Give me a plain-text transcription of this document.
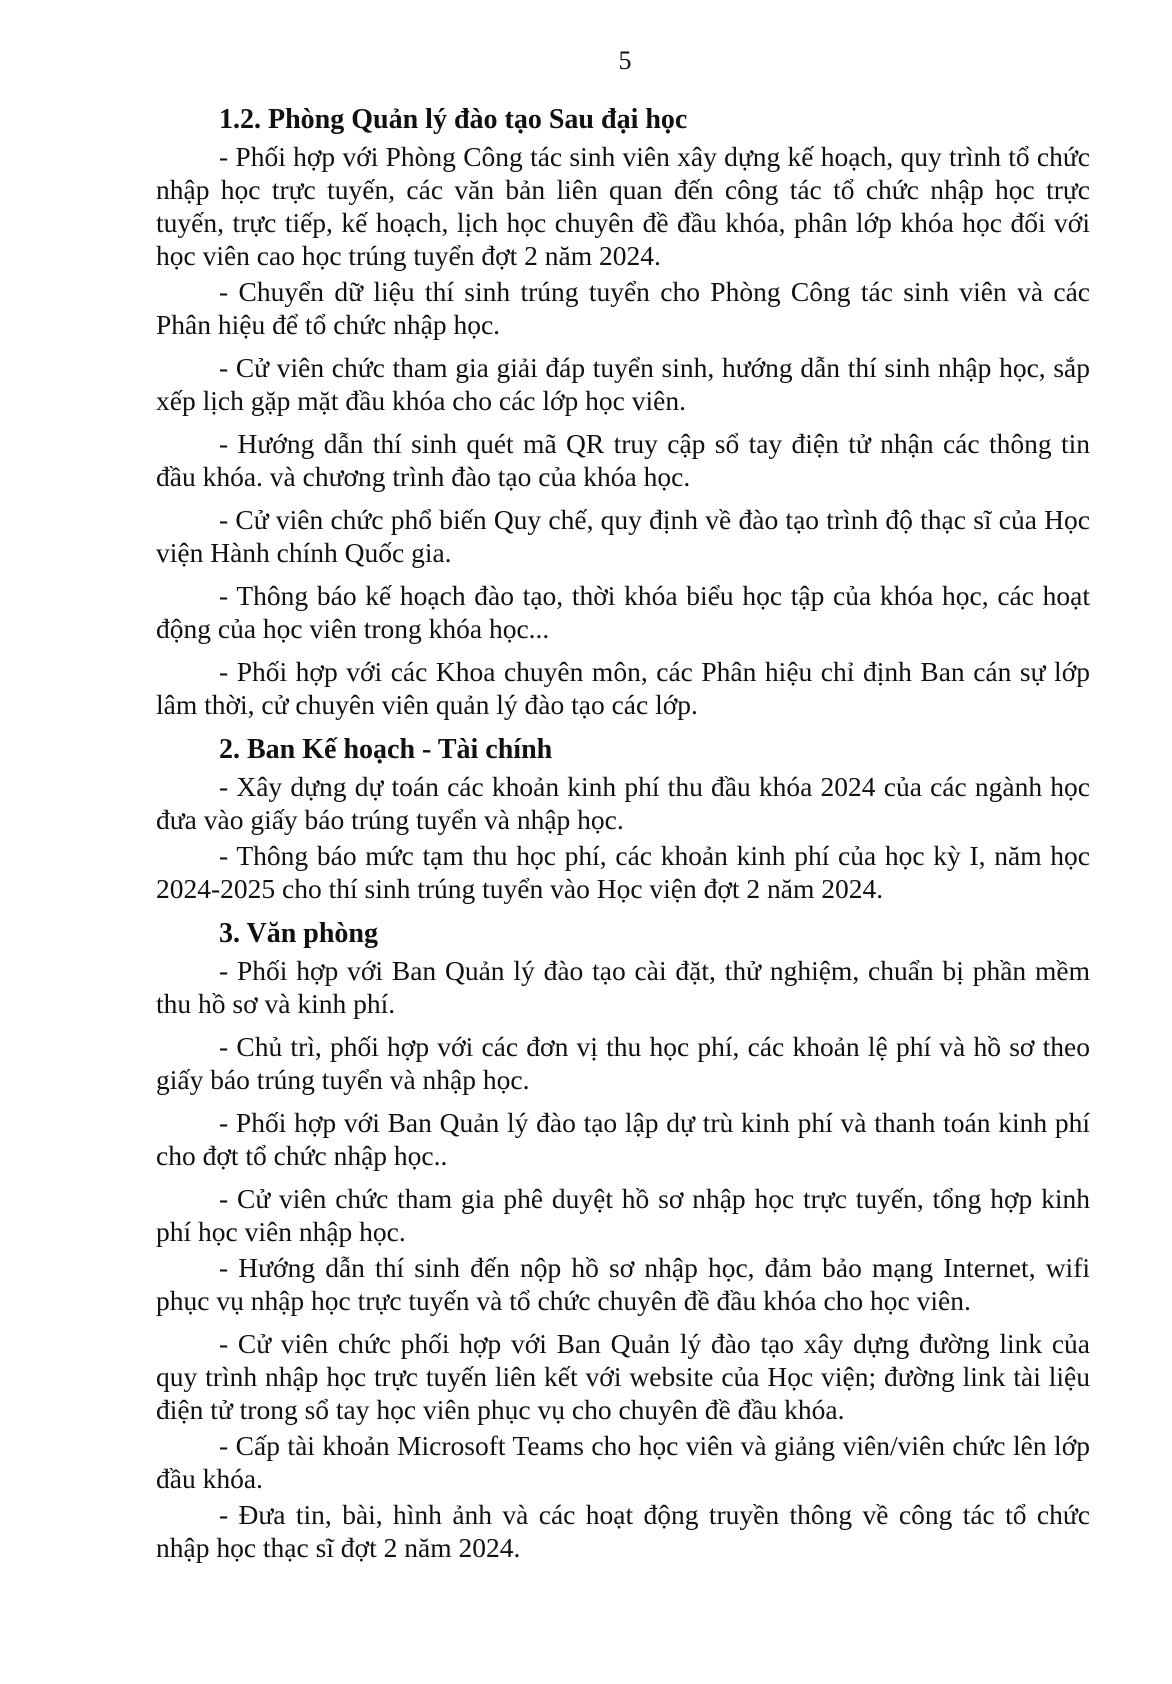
5
1.2. Phòng Quản lý đào tạo Sau đại học

- Phối hợp với Phòng Công tác sinh viên xây dựng kế hoạch, quy trình tổ chức nhập học trực tuyến, các văn bản liên quan đến công tác tổ chức nhập học trực tuyến, trực tiếp, kế hoạch, lịch học chuyên đề đầu khóa, phân lớp khóa học đối với học viên cao học trúng tuyển đợt 2 năm 2024.

- Chuyển dữ liệu thí sinh trúng tuyển cho Phòng Công tác sinh viên và các Phân hiệu để tổ chức nhập học.

- Cử viên chức tham gia giải đáp tuyển sinh, hướng dẫn thí sinh nhập học, sắp xếp lịch gặp mặt đầu khóa cho các lớp học viên.

- Hướng dẫn thí sinh quét mã QR truy cập sổ tay điện tử nhận các thông tin đầu khóa. và chương trình đào tạo của khóa học.

- Cử viên chức phổ biến Quy chế, quy định về đào tạo trình độ thạc sĩ của Học viện Hành chính Quốc gia.

- Thông báo kế hoạch đào tạo, thời khóa biểu học tập của khóa học, các hoạt động của học viên trong khóa học...

- Phối hợp với các Khoa chuyên môn, các Phân hiệu chỉ định Ban cán sự lớp lâm thời, cử chuyên viên quản lý đào tạo các lớp.

2. Ban Kế hoạch - Tài chính

- Xây dựng dự toán các khoản kinh phí thu đầu khóa 2024 của các ngành học đưa vào giấy báo trúng tuyển và nhập học.

- Thông báo mức tạm thu học phí, các khoản kinh phí của học kỳ I, năm học 2024-2025 cho thí sinh trúng tuyển vào Học viện đợt 2 năm 2024.

3. Văn phòng

- Phối hợp với Ban Quản lý đào tạo cài đặt, thử nghiệm, chuẩn bị phần mềm thu hồ sơ và kinh phí.

- Chủ trì, phối hợp với các đơn vị thu học phí, các khoản lệ phí và hồ sơ theo giấy báo trúng tuyển và nhập học.

- Phối hợp với Ban Quản lý đào tạo lập dự trù kinh phí và thanh toán kinh phí cho đợt tổ chức nhập học..

- Cử viên chức tham gia phê duyệt hồ sơ nhập học trực tuyến, tổng hợp kinh phí học viên nhập học.

- Hướng dẫn thí sinh đến nộp hồ sơ nhập học, đảm bảo mạng Internet, wifi phục vụ nhập học trực tuyến và tổ chức chuyên đề đầu khóa cho học viên.

- Cử viên chức phối hợp với Ban Quản lý đào tạo xây dựng đường link của quy trình nhập học trực tuyến liên kết với website của Học viện; đường link tài liệu điện tử trong sổ tay học viên phục vụ cho chuyên đề đầu khóa.

- Cấp tài khoản Microsoft Teams cho học viên và giảng viên/viên chức lên lớp đầu khóa.

- Đưa tin, bài, hình ảnh và các hoạt động truyền thông về công tác tổ chức nhập học thạc sĩ đợt 2 năm 2024.
